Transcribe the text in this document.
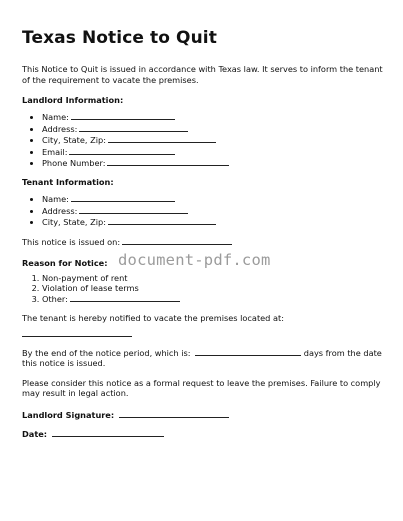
Texas Notice to Quit

This Notice to Quit is issued in accordance with Texas law. It serves to inform the tenant of the requirement to vacate the premises.

Landlord Information:
• Name:
• Address:
• City, State, Zip:
• Email:
• Phone Number:
Tenant Information:
• Name:
• Address:
• City, State, Zip:

This notice is issued on:

Reason for Notice:
1. Non-payment of rent
2. Violation of lease terms
3. Other:

The tenant is hereby notified to vacate the premises located at:

By the end of the notice period, which is:	days from the date this notice is issued.

Please consider this notice as a formal request to leave the premises. Failure to comply may result in legal action.

Landlord Signature:
Date:
document-pdf.com
